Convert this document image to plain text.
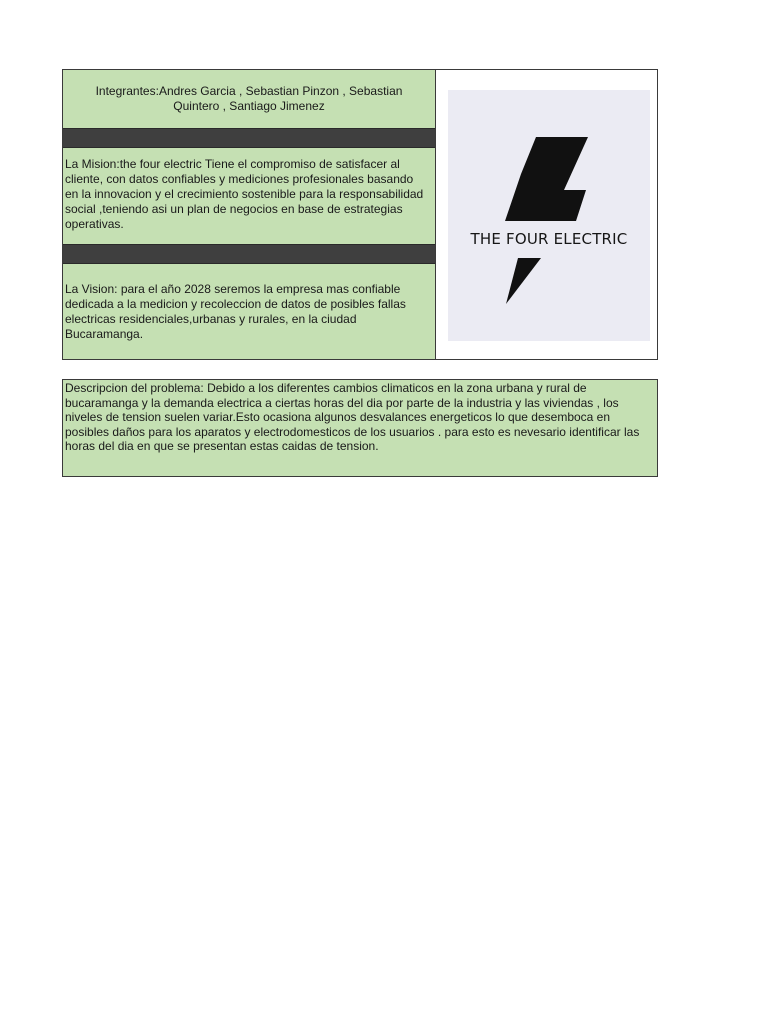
Integrantes:Andres Garcia , Sebastian Pinzon , Sebastian Quintero , Santiago Jimenez
La Mision:the four electric Tiene el compromiso de satisfacer al cliente, con datos confiables y mediciones profesionales basando en la innovacion y el crecimiento sostenible para la responsabilidad social ,teniendo asi un plan de negocios en base de estrategias operativas.
La Vision: para el año 2028 seremos la empresa mas confiable dedicada a la medicion y recoleccion de datos de posibles fallas electricas residenciales,urbanas y rurales, en la ciudad Bucaramanga.
THE FOUR ELECTRIC
Descripcion del problema: Debido a los diferentes cambios climaticos en la zona urbana y rural de bucaramanga y la demanda electrica a ciertas horas del dia por parte de la industria y las viviendas , los niveles de tension suelen variar.Esto ocasiona algunos desvalances energeticos lo que desemboca en posibles daños para los aparatos y electrodomesticos de los usuarios . para esto es nevesario identificar las horas del dia en que se presentan estas caidas de tension.
